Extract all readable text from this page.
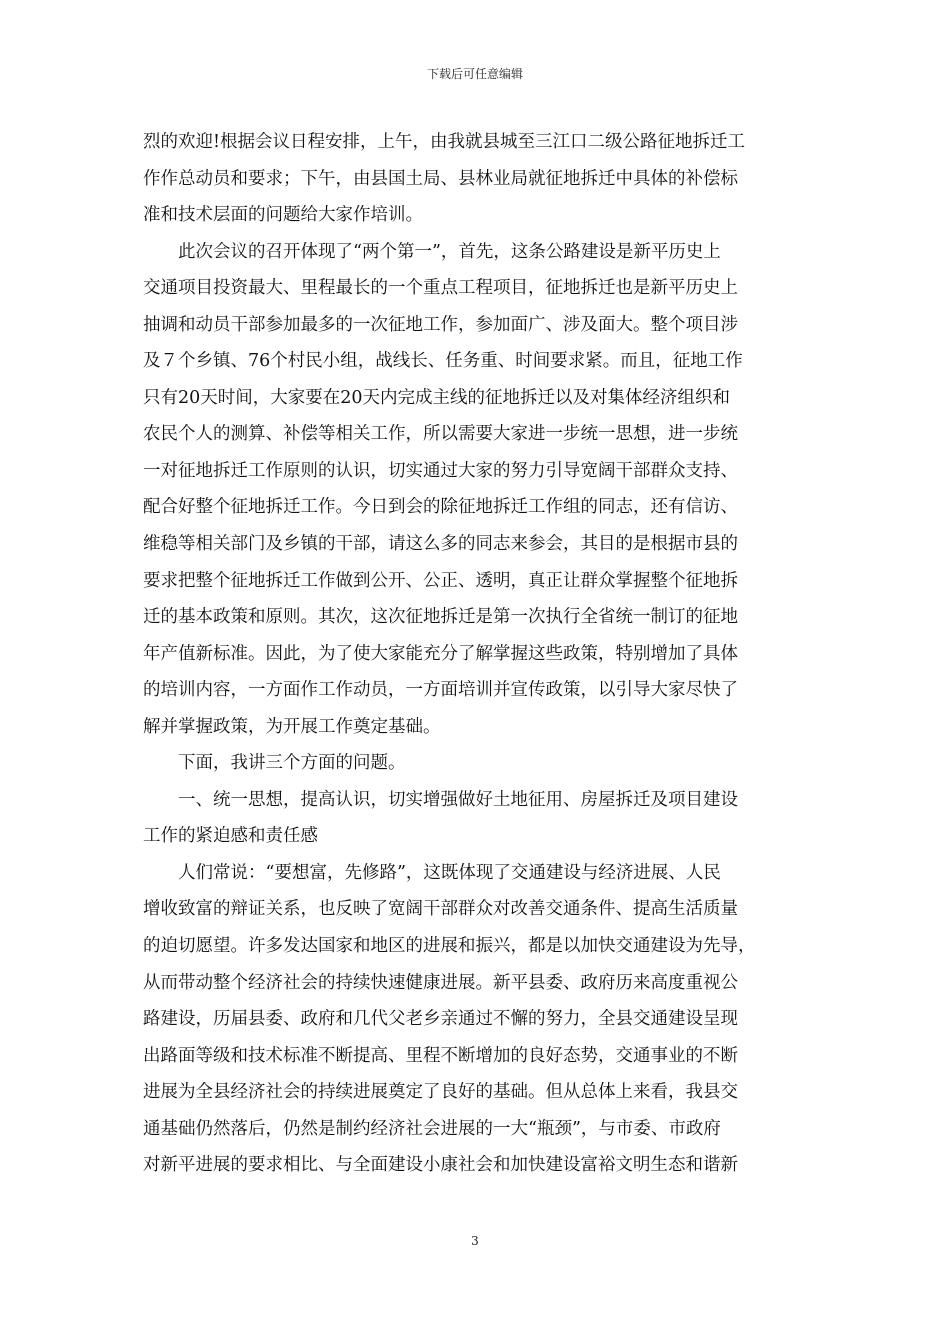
下载后可任意编辑
烈的欢迎!根据会议日程安排，上午，由我就县城至三江口二级公路征地拆迁工
作作总动员和要求；下午，由县国土局、县林业局就征地拆迁中具体的补偿标
准和技术层面的问题给大家作培训。
　　此次会议的召开体现了“两个第一”，首先，这条公路建设是新平历史上
交通项目投资最大、里程最长的一个重点工程项目，征地拆迁也是新平历史上
抽调和动员干部参加最多的一次征地工作，参加面广、涉及面大。整个项目涉
及７个乡镇、76个村民小组，战线长、任务重、时间要求紧。而且，征地工作
只有20天时间，大家要在20天内完成主线的征地拆迁以及对集体经济组织和
农民个人的测算、补偿等相关工作，所以需要大家进一步统一思想，进一步统
一对征地拆迁工作原则的认识，切实通过大家的努力引导宽阔干部群众支持、
配合好整个征地拆迁工作。今日到会的除征地拆迁工作组的同志，还有信访、
维稳等相关部门及乡镇的干部，请这么多的同志来参会，其目的是根据市县的
要求把整个征地拆迁工作做到公开、公正、透明，真正让群众掌握整个征地拆
迁的基本政策和原则。其次，这次征地拆迁是第一次执行全省统一制订的征地
年产值新标准。因此，为了使大家能充分了解掌握这些政策，特别增加了具体
的培训内容，一方面作工作动员，一方面培训并宣传政策，以引导大家尽快了
解并掌握政策，为开展工作奠定基础。
　　下面，我讲三个方面的问题。
　　一、统一思想，提高认识，切实增强做好土地征用、房屋拆迁及项目建设
工作的紧迫感和责任感
　　人们常说：“要想富，先修路”，这既体现了交通建设与经济进展、人民
增收致富的辩证关系，也反映了宽阔干部群众对改善交通条件、提高生活质量
的迫切愿望。许多发达国家和地区的进展和振兴，都是以加快交通建设为先导，
从而带动整个经济社会的持续快速健康进展。新平县委、政府历来高度重视公
路建设，历届县委、政府和几代父老乡亲通过不懈的努力，全县交通建设呈现
出路面等级和技术标准不断提高、里程不断增加的良好态势，交通事业的不断
进展为全县经济社会的持续进展奠定了良好的基础。但从总体上来看，我县交
通基础仍然落后，仍然是制约经济社会进展的一大“瓶颈”，与市委、市政府
对新平进展的要求相比、与全面建设小康社会和加快建设富裕文明生态和谐新
3
